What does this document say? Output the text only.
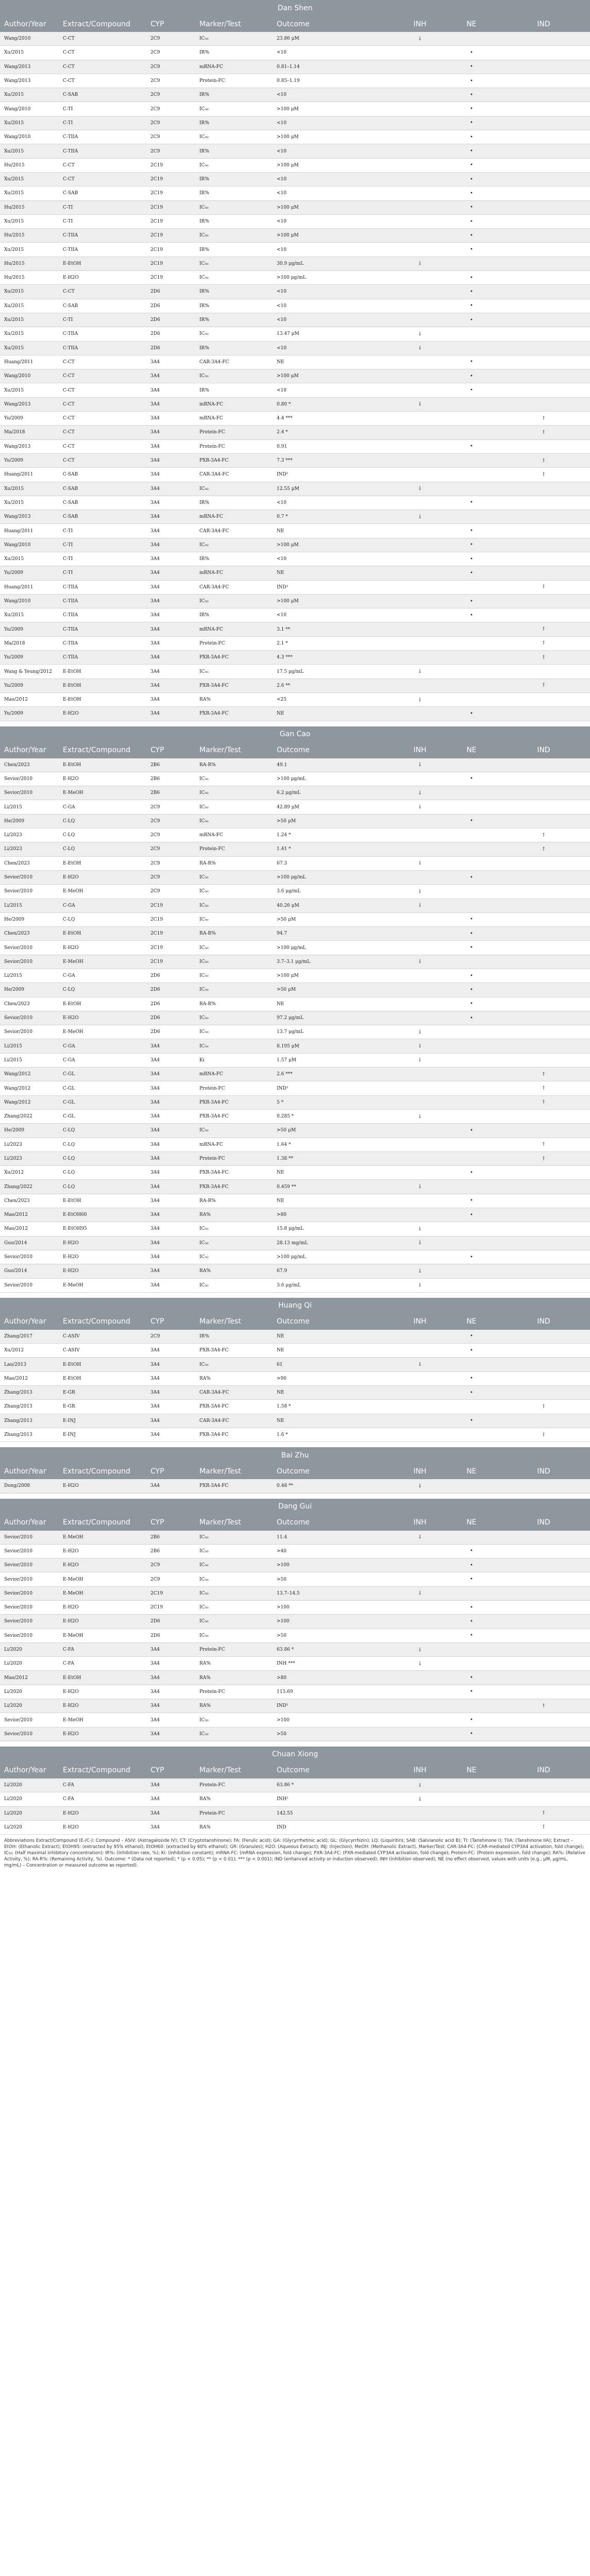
Dan Shen							
Author/Year	Extract/Compound	CYP	Marker/Test	Outcome	INH	NE	IND
Wang/2010	C-CT	2C9	IC₅₀	23.86 μM	↓		
Xu/2015	C-CT	2C9	IR%	<10		•	
Wang/2013	C-CT	2C9	mRNA-FC	0.81–1.14		•	
Wang/2013	C-CT	2C9	Protein-FC	0.85–1.19		•	
Xu/2015	C-SAB	2C9	IR%	<10		•	
Wang/2010	C-TI	2C9	IC₅₀	>100 μM		•	
Xu/2015	C-TI	2C9	IR%	<10		•	
Wang/2010	C-TIIA	2C9	IC₅₀	>100 μM		•	
Xu/2015	C-TIIA	2C9	IR%	<10		•	
Hu/2015	C-CT	2C19	IC₅₀	>100 μM		•	
Xu/2015	C-CT	2C19	IR%	<10		•	
Xu/2015	C-SAB	2C19	IR%	<10		•	
Hu/2015	C-TI	2C19	IC₅₀	>100 μM		•	
Xu/2015	C-TI	2C19	IR%	<10		•	
Hu/2015	C-TIIA	2C19	IC₅₀	>100 μM		•	
Xu/2015	C-TIIA	2C19	IR%	<10		•	
Hu/2015	E-EtOH	2C19	IC₅₀	30.9 μg/mL	↓		
Hu/2015	E-H2O	2C19	IC₅₀	>100 μg/mL		•	
Xu/2015	C-CT	2D6	IR%	<10		•	
Xu/2015	C-SAB	2D6	IR%	<10		•	
Xu/2015	C-TI	2D6	IR%	<10		•	
Xu/2015	C-TIIA	2D6	IC₅₀	13.47 μM	↓		
Xu/2015	C-TIIA	2D6	IR%	<10	↓		
Huang/2011	C-CT	3A4	CAR-3A4-FC	NE		•	
Wang/2010	C-CT	3A4	IC₅₀	>100 μM		•	
Xu/2015	C-CT	3A4	IR%	<10		•	
Wang/2013	C-CT	3A4	mRNA-FC	0.80 *	↓		
Yu/2009	C-CT	3A4	mRNA-FC	4.4 ***			↑
Ma/2018	C-CT	3A4	Protein-FC	2.4 *			↑
Wang/2013	C-CT	3A4	Protein-FC	0.91		•	
Yu/2009	C-CT	3A4	PXR-3A4-FC	7.3 ***			↑
Huang/2011	C-SAB	3A4	CAR-3A4-FC	IND²			↑
Xu/2015	C-SAB	3A4	IC₅₀	12.55 μM	↓		
Xu/2015	C-SAB	3A4	IR%	<10		•	
Wang/2013	C-SAB	3A4	mRNA-FC	0.7 *	↓		
Huang/2011	C-TI	3A4	CAR-3A4-FC	NE		•	
Wang/2010	C-TI	3A4	IC₅₀	>100 μM		•	
Xu/2015	C-TI	3A4	IR%	<10		•	
Yu/2009	C-TI	3A4	mRNA-FC	NE		•	
Huang/2011	C-TIIA	3A4	CAR-3A4-FC	IND²			↑
Wang/2010	C-TIIA	3A4	IC₅₀	>100 μM		•	
Xu/2015	C-TIIA	3A4	IR%	<10		•	
Yu/2009	C-TIIA	3A4	mRNA-FC	3.1 **			↑
Ma/2018	C-TIIA	3A4	Protein-FC	2.1 *			↑
Yu/2009	C-TIIA	3A4	PXR-3A4-FC	4.3 ***			↑
Wang & Yeung/2012	E-EtOH	3A4	IC₅₀	17.5 μg/mL	↓		
Yu/2009	E-EtOH	3A4	PXR-3A4-FC	2.6 **			↑
Mao/2012	E-EtOH	3A4	RA%	<25	↓		
Yu/2009	E-H2O	3A4	PXR-3A4-FC	NE		•	

Gan Cao							
Author/Year	Extract/Compound	CYP	Marker/Test	Outcome	INH	NE	IND
Chen/2023	E-EtOH	2B6	RA-R%	49.1	↓		
Sevior/2010	E-H2O	2B6	IC₅₀	>100 μg/mL		•	
Sevior/2010	E-MeOH	2B6	IC₅₀	6.2 μg/mL	↓		
Li/2015	C-GA	2C9	IC₅₀	42.89 μM	↓		
He/2009	C-LQ	2C9	IC₅₀	>50 μM		•	
Li/2023	C-LQ	2C9	mRNA-FC	1.24 *			↑
Li/2023	C-LQ	2C9	Protein-FC	1.41 *			↑
Chen/2023	E-EtOH	2C9	RA-R%	67.3	↓		
Sevior/2010	E-H2O	2C9	IC₅₀	>100 μg/mL		•	
Sevior/2010	E-MeOH	2C9	IC₅₀	3.6 μg/mL	↓		
Li/2015	C-GA	2C19	IC₅₀	40.26 μM	↓		
He/2009	C-LQ	2C19	IC₅₀	>50 μM		•	
Chen/2023	E-EtOH	2C19	RA-R%	94.7		•	
Sevior/2010	E-H2O	2C19	IC₅₀	>100 μg/mL		•	
Sevior/2010	E-MeOH	2C19	IC₅₀	3.7–3.1 μg/mL	↓		
Li/2015	C-GA	2D6	IC₅₀	>100 μM		•	
He/2009	C-LQ	2D6	IC₅₀	>50 μM		•	
Chen/2023	E-EtOH	2D6	RA-R%	NE		•	
Sevior/2010	E-H2O	2D6	IC₅₀	97.2 μg/mL		•	
Sevior/2010	E-MeOH	2D6	IC₅₀	13.7 μg/mL	↓		
Li/2015	C-GA	3A4	IC₅₀	8.195 μM	↓		
Li/2015	C-GA	3A4	Ki	1.57 μM	↓		
Wang/2012	C-GL	3A4	mRNA-FC	2.6 ***			↑
Wang/2012	C-GL	3A4	Protein-FC	IND²			↑
Wang/2012	C-GL	3A4	PXR-3A4-FC	5 *			↑
Zhang/2022	C-GL	3A4	PXR-3A4-FC	0.285 *	↓		
He/2009	C-LQ	3A4	IC₅₀	>50 μM		•	
Li/2023	C-LQ	3A4	mRNA-FC	1.64 *			↑
Li/2023	C-LQ	3A4	Protein-FC	1.38 **			↑
Xu/2012	C-LQ	3A4	PXR-3A4-FC	NE		•	
Zhang/2022	C-LQ	3A4	PXR-3A4-FC	0.459 **	↓		
Chen/2023	E-EtOH	3A4	RA-R%	NE		•	
Mao/2012	E-EtOH60	3A4	RA%	>80		•	
Mao/2012	E-EtOH95	3A4	IC₅₀	15.8 μg/mL	↓		
Guo/2014	E-H2O	3A4	IC₅₀	28.13 mg/mL	↓		
Sevior/2010	E-H2O	3A4	IC₅₀	>100 μg/mL		•	
Guo/2014	E-H2O	3A4	RA%	67.9	↓		
Sevior/2010	E-MeOH	3A4	IC₅₀	3.6 μg/mL	↓		

Huang Qi							
Author/Year	Extract/Compound	CYP	Marker/Test	Outcome	INH	NE	IND
Zhang/2017	C-ASIV	2C9	IR%	NE		•	
Xu/2012	C-ASIV	3A4	PXR-3A4-FC	NE		•	
Lau/2013	E-EtOH	3A4	IC₅₀	61	↓		
Mao/2012	E-EtOH	3A4	RA%	>90		•	
Zhang/2013	E-GR	3A4	CAR-3A4-FC	NE		•	
Zhang/2013	E-GR	3A4	PXR-3A4-FC	1.58 *			↑
Zhang/2013	E-INJ	3A4	CAR-3A4-FC	NE		•	
Zhang/2013	E-INJ	3A4	PXR-3A4-FC	1.6 *			↑

Bai Zhu							
Author/Year	Extract/Compound	CYP	Marker/Test	Outcome	INH	NE	IND
Dong/2008	E-H2O	3A4	PXR-3A4-FC	0.48 **	↓		

Dang Gui							
Author/Year	Extract/Compound	CYP	Marker/Test	Outcome	INH	NE	IND
Sevior/2010	E-MeOH	2B6	IC₅₀	11.4	↓		
Sevior/2010	E-H2O	2B6	IC₅₀	>40		•	
Sevior/2010	E-H2O	2C9	IC₅₀	>100		•	
Sevior/2010	E-MeOH	2C9	IC₅₀	>50		•	
Sevior/2010	E-MeOH	2C19	IC₅₀	13.7–14.5	↓		
Sevior/2010	E-H2O	2C19	IC₅₀	>100		•	
Sevior/2010	E-H2O	2D6	IC₅₀	>100		•	
Sevior/2010	E-MeOH	2D6	IC₅₀	>50		•	
Li/2020	C-FA	3A4	Protein-FC	63.86 *	↓		
Li/2020	C-FA	3A4	RA%	INH ***	↓		
Mao/2012	E-EtOH	3A4	RA%	>80		•	
Li/2020	E-H2O	3A4	Protein-FC	115.69		•	
Li/2020	E-H2O	3A4	RA%	IND²			↑
Sevior/2010	E-MeOH	3A4	IC₅₀	>100		•	
Sevior/2010	E-H2O	3A4	IC₅₀	>50		•	

Chuan Xiong							
Author/Year	Extract/Compound	CYP	Marker/Test	Outcome	INH	NE	IND
Li/2020	C-FA	3A4	Protein-FC	63.86 *	↓		
Li/2020	C-FA	3A4	RA%	INH¹	↓		
Li/2020	E-H2O	3A4	Protein-FC	142.55			↑
Li/2020	E-H2O	3A4	RA%	IND			↑
Abbreviations Extract/Compound (E-/C-): Compound – ASIV: (Astragaloside IV); CT: (Cryptotanshinone); FA: (Ferulic acid); GA: (Glycyrrhetinic acid); GL: (Glycyrrhizin); LQ: (Liquiritin); SAB: (Salvianolic acid B); TI: (Tanshinone I); TIIA: (Tanshinone IIA); Extract – EtOH: (Ethanolic Extract); EtOH95: (extracted by 95% ethanol); EtOH60: (extracted by 60% ethanol); GR: (Granules); H2O: (Aqueous Extract); INJ: (Injection); MeOH: (Methanolic Extract). Marker/Test: CAR-3A4-FC: (CAR-mediated CYP3A4 activation, fold change); IC₅₀: (Half maximal inhibitory concentration); IR%: (Inhibition rate, %); Ki: (Inhibition constant); mRNA-FC: (mRNA expression, fold change); PXR-3A4-FC: (PXR-mediated CYP3A4 activation, fold change); Protein-FC: (Protein expression, fold change); RA%: (Relative Activity, %); RA-R%: (Remaining Activity, %). Outcome: * (Data not reported); * (p < 0.05); ** (p < 0.01); *** (p < 0.001); IND (enhanced activity or induction observed); INH (inhibition observed); NE (no effect observed, values with units (e.g., μM, μg/mL, mg/mL) – Concentration or measured outcome as reported).
